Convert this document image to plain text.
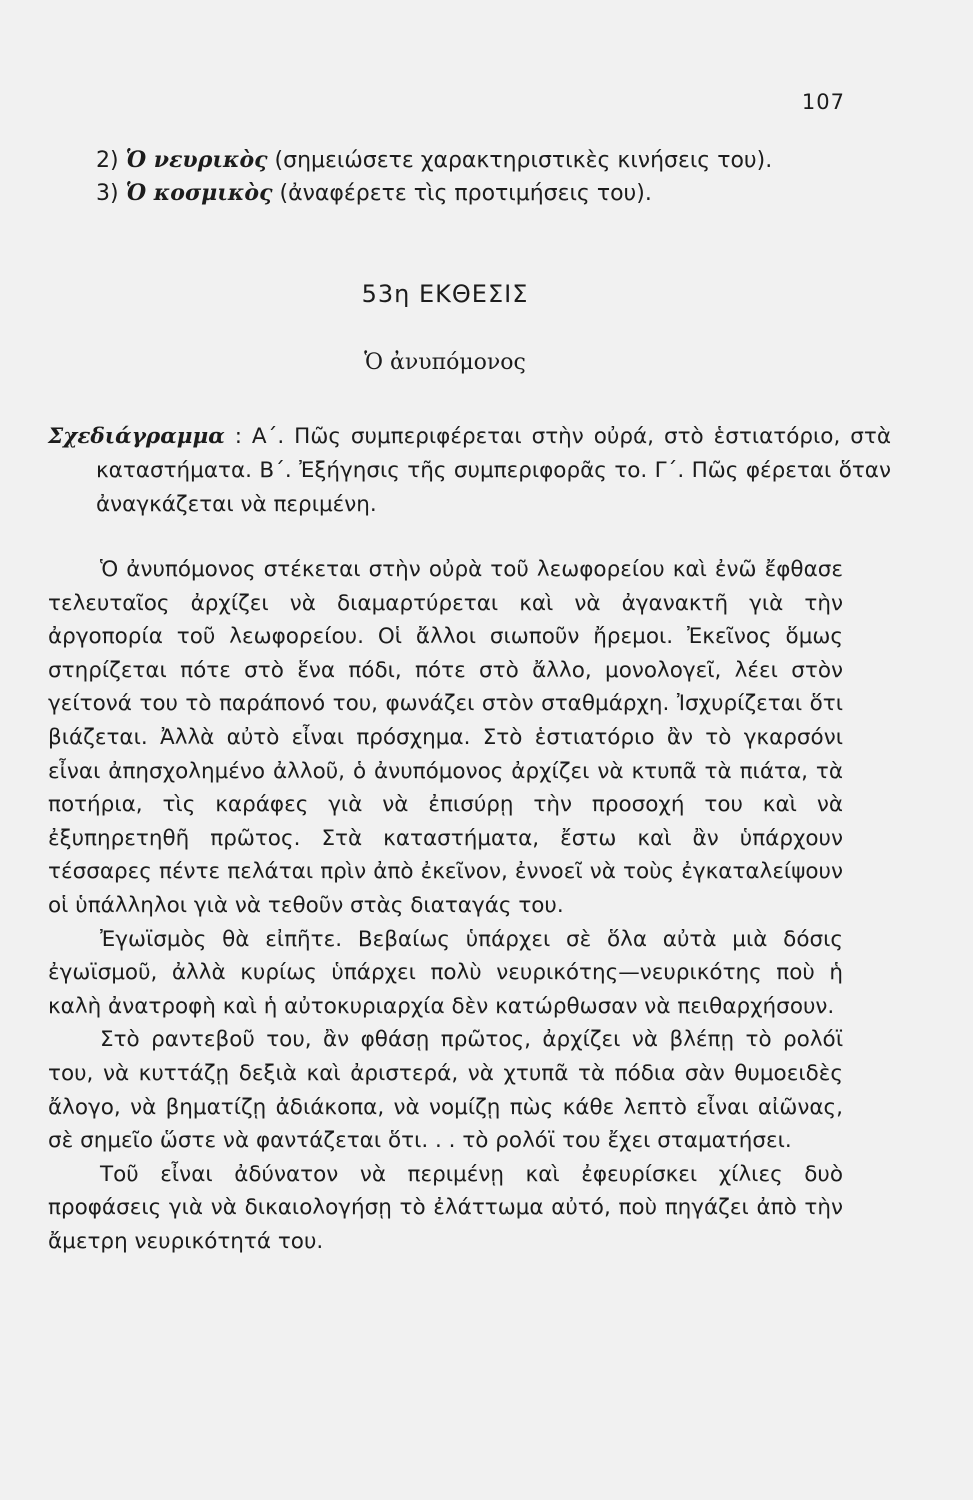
107

2) Ὁ νευρικὸς (σημειώσετε χαρακτηριστικὲς κινήσεις του).

3) Ὁ κοσμικὸς (ἀναφέρετε τὶς προτιμήσεις του).

53η ΕΚΘΕΣΙΣ
Ὁ ἀνυπόμονος
Σχεδιάγραμμα : Α΄. Πῶς συμπεριφέρεται στὴν οὐρά, στὸ ἑστιατόριο, στὰ καταστήματα. Β΄. Ἐξήγησις τῆς συμπεριφορᾶς το. Γ΄. Πῶς φέρεται ὅταν ἀναγκάζεται νὰ περιμένη.

Ὁ ἀνυπόμονος στέκεται στὴν οὐρὰ τοῦ λεωφορείου καὶ ἐνῶ ἔφθασε τελευταῖος ἀρχίζει νὰ διαμαρτύρεται καὶ νὰ ἀγανακτῆ γιὰ τὴν ἀργοπορία τοῦ λεωφορείου. Οἱ ἄλλοι σιωποῦν ἤρεμοι. Ἐκεῖνος ὅμως στηρίζεται πότε στὸ ἕνα πόδι, πότε στὸ ἄλλο, μονολογεῖ, λέει στὸν γείτονά του τὸ παράπονό του, φωνάζει στὸν σταθμάρχη. Ἰσχυρίζεται ὅτι βιάζεται. Ἀλλὰ αὐτὸ εἶναι πρόσχημα. Στὸ ἑστιατόριο ἂν τὸ γκαρσόνι εἶναι ἀπησχολημένο ἀλλοῦ, ὁ ἀνυπόμονος ἀρχίζει νὰ κτυπᾶ τὰ πιάτα, τὰ ποτήρια, τὶς καράφες γιὰ νὰ ἐπισύρῃ τὴν προσοχή του καὶ νὰ ἐξυπηρετηθῆ πρῶτος. Στὰ καταστήματα, ἔστω καὶ ἂν ὑπάρχουν τέσσαρες πέντε πελάται πρὶν ἀπὸ ἐκεῖνον, ἐννοεῖ νὰ τοὺς ἐγκαταλείψουν οἱ ὑπάλληλοι γιὰ νὰ τεθοῦν στὰς διαταγάς του.

Ἐγωϊσμὸς θὰ εἰπῆτε. Βεβαίως ὑπάρχει σὲ ὅλα αὐτὰ μιὰ δόσις ἐγωϊσμοῦ, ἀλλὰ κυρίως ὑπάρχει πολὺ νευρικότης—νευρικότης ποὺ ἡ καλὴ ἀνατροφὴ καὶ ἡ αὐτοκυριαρχία δὲν κατώρθωσαν νὰ πειθαρχήσουν.

Στὸ ραντεβοῦ του, ἂν φθάσῃ πρῶτος, ἀρχίζει νὰ βλέπῃ τὸ ρολόϊ του, νὰ κυττάζῃ δεξιὰ καὶ ἀριστερά, νὰ χτυπᾶ τὰ πόδια σὰν θυμοειδὲς ἄλογο, νὰ βηματίζῃ ἀδιάκοπα, νὰ νομίζῃ πὼς κάθε λεπτὸ εἶναι αἰῶνας, σὲ σημεῖο ὥστε νὰ φαντάζεται ὅτι. . . τὸ ρολόϊ του ἔχει σταματήσει.

Τοῦ εἶναι ἀδύνατον νὰ περιμένῃ καὶ ἐφευρίσκει χίλιες δυὸ προφάσεις γιὰ νὰ δικαιολογήσῃ τὸ ἐλάττωμα αὐτό, ποὺ πηγάζει ἀπὸ τὴν ἄμετρη νευρικότητά του.
